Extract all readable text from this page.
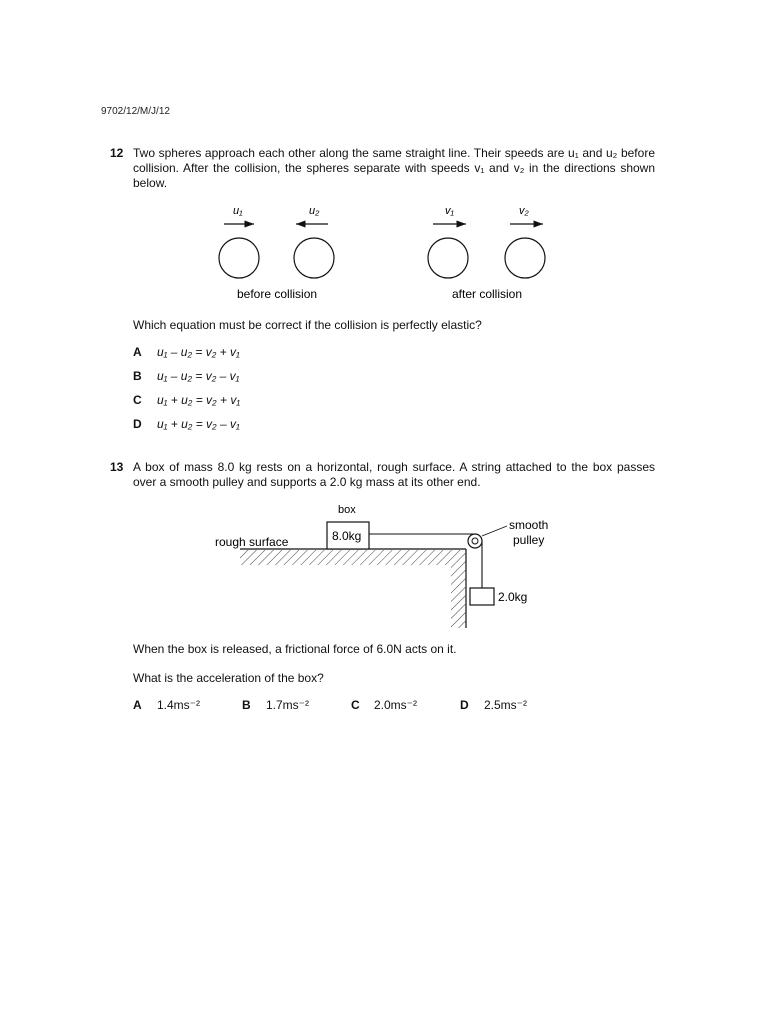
9702/12/M/J/12
12 Two spheres approach each other along the same straight line. Their speeds are u₁ and u₂ before collision. After the collision, the spheres separate with speeds v₁ and v₂ in the directions shown below.
u₁	u₂
before collision
v₁	v₂
after collision
Which equation must be correct if the collision is perfectly elastic?
A u₁ – u₂ = v₂ + v₁
B u₁ – u₂ = v₂ – v₁
C u₁ + u₂ = v₂ + v₁
D u₁ + u₂ = v₂ – v₁
13 A box of mass 8.0 kg rests on a horizontal, rough surface. A string attached to the box passes over a smooth pulley and supports a 2.0 kg mass at its other end.
8.0kg
box
rough surface
smooth
pulley
2.0kg
When the box is released, a frictional force of 6.0N acts on it.
What is the acceleration of the box?
A 1.4ms⁻²	B 1.7ms⁻²	C 2.0ms⁻²	D 2.5ms⁻²
